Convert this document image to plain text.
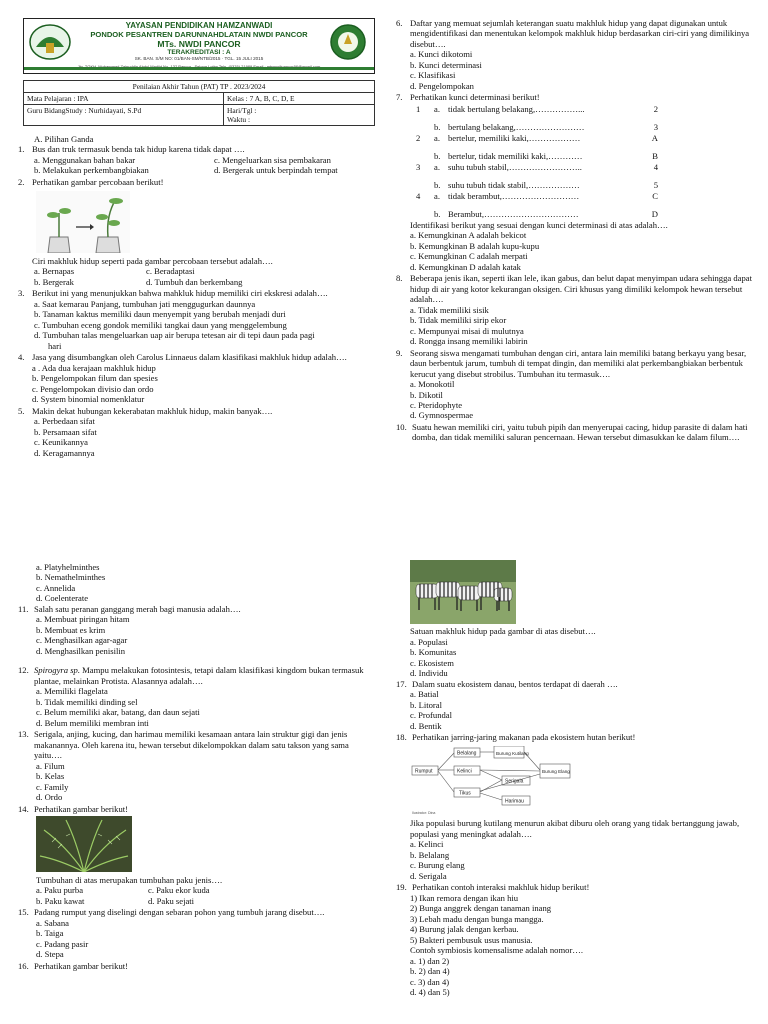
YAYASAN PENDIDIKAN HAMZANWADI
PONDOK PESANTREN DARUNNAHDLATAIN NWDI PANCOR
MTs. NWDI PANCOR
TERAKREDITASI : A
SK. BAN. S/M NO: 01/BAN-SM/NTB/2015 · TGL. 15 JULI 2015
Penilaian Akhir Tahun (PAT) TP . 2023/2024	
Mata Pelajaran : IPA	Kelas : 7 A, B, C, D, E
Guru BidangStudy : Nurhidayati, S.Pd	Hari/Tgl :
Waktu :
A. Pilihan Ganda
1. Bus dan truk termasuk benda tak hidup karena tidak dapat ….
a. Menggunakan bahan bakar	c. Mengeluarkan sisa pembakaran
b. Melakukan perkembangbiakan	d. Bergerak untuk berpindah tempat
2. Perhatikan gambar percobaan berikut!
Ciri makhluk hidup seperti pada gambar percobaan tersebut adalah….
a. Bernapas	c. Beradaptasi
b. Bergerak	d. Tumbuh dan berkembang
3. Berikut ini yang menunjukkan bahwa mahkluk hidup memiliki ciri ekskresi adalah….
a. Saat kemarau Panjang, tumbuhan jati menggugurkan daunnya
b. Tanaman kaktus memiliki daun menyempit yang berubah menjadi duri
c. Tumbuhan eceng gondok memiliki tangkai daun yang menggelembung
d. Tumbuhan talas mengeluarkan uap air berupa tetesan air di tepi daun pada pagi
hari
4. Jasa yang disumbangkan oleh Carolus Linnaeus dalam klasifikasi makhluk hidup adalah….
a . Ada dua kerajaan makhluk hidup
b. Pengelompokan filum dan spesies
c. Pengelompokan divisio dan ordo
d. System binomial nomenklatur
5. Makin dekat hubungan kekerabatan makhluk hidup, makin banyak….
a. Perbedaan sifat
b. Persamaan sifat
c. Keunikannya
d. Keragamannya
6. Daftar yang memuat sejumlah keterangan suatu makhluk hidup yang dapat digunakan untuk mengidentifikasi dan menentukan kelompok makhluk hidup berdasarkan ciri-ciri yang dimilikinya disebut….
a. Kunci dikotomi
b. Kunci determinasi
c. Klasifikasi
d. Pengelompokan
7. Perhatikan kunci determinasi berikut!
1	a. tidak bertulang belakang,……………...	2
b. bertulang belakang,……………………	3
2	a. bertelur, memiliki kaki,………………	A
b. bertelur, tidak memiliki kaki,…………	B
3	a. suhu tubuh stabil,……………………..	4
b. suhu tubuh tidak stabil,………………	5
4	a. tidak berambut,………………………	C
b. Berambut,……………………………	D
Identifikasi berikut yang sesuai dengan kunci determinasi di atas adalah….
a. Kemungkinan A adalah bekicot
b. Kemungkinan B adalah kupu-kupu
c. Kemungkinan C adalah merpati
d. Kemungkinan D adalah katak
8. Beberapa jenis ikan, seperti ikan lele, ikan gabus, dan belut dapat menyimpan udara sehingga dapat hidup di air yang kotor kekurangan oksigen. Ciri khusus yang dimiliki kelompok hewan tersebut adalah….
a. Tidak memiliki sisik
b. Tidak memiliki sirip ekor
c. Mempunyai misai di mulutnya
d. Rongga insang memiliki labirin
9. Seorang siswa mengamati tumbuhan dengan ciri, antara lain memiliki batang berkayu yang besar, daun berbentuk jarum, tumbuh di tempat dingin, dan memiliki alat perkembangbiakan berbentuk kerucut yang disebut strobilus. Tumbuhan itu termasuk….
a. Monokotil
b. Dikotil
c. Pteridophyte
d. Gymnospermae
10. Suatu hewan memiliki ciri, yaitu tubuh pipih dan menyerupai cacing, hidup parasite di dalam hati domba, dan tidak memiliki saluran pencernaan. Hewan tersebut dimasukkan ke dalam filum….
a. Platyhelminthes
b. Nemathelminthes
c. Annelida
d. Coelenterate
11. Salah satu peranan ganggang merah bagi manusia adalah….
a. Membuat piringan hitam
b. Membuat es krim
c. Menghasilkan agar-agar
d. Menghasilkan penisilin
12. Spirogyra sp. Mampu melakukan fotosintesis, tetapi dalam klasifikasi kingdom bukan termasuk plantae, melainkan Protista. Alasannya adalah….
a. Memiliki flagelata
b. Tidak memiliki dinding sel
c. Belum memiliki akar, batang, dan daun sejati
d. Belum memiliki membran inti
13. Serigala, anjing, kucing, dan harimau memiliki kesamaan antara lain struktur gigi dan jenis makanannya. Oleh karena itu, hewan tersebut dikelompokkan dalam satu takson yang sama yaitu….
a. Filum
b. Kelas
c. Family
d. Ordo
14. Perhatikan gambar berikut!
Tumbuhan di atas merupakan tumbuhan paku jenis….
a. Paku purba	c. Paku ekor kuda
b. Paku kawat	d. Paku sejati
15. Padang rumput yang diselingi dengan sebaran pohon yang tumbuh jarang disebut….
a. Sabana
b. Taiga
c. Padang pasir
d. Stepa
16. Perhatikan gambar berikut!
Satuan makhluk hidup pada gambar di atas disebut….
a. Populasi
b. Komunitas
c. Ekosistem
d. Individu
17. Dalam suatu ekosistem danau, bentos terdapat di daerah ….
a. Batial
b. Litoral
c. Profundal
d. Bentik
18. Perhatikan jarring-jaring makanan pada ekosistem hutan berikut!
Rumput
Belalang
Kelinci
Tikus
Burung Kutilang
Burung Elang
Serigala
Harimau
Ilustrator: Dina
Jika populasi burung kutilang menurun akibat diburu oleh orang yang tidak bertanggung jawab, populasi yang meningkat adalah….
a. Kelinci
b. Belalang
c. Burung elang
d. Serigala
19. Perhatikan contoh interaksi makhluk hidup berikut!
1) Ikan remora dengan ikan hiu
2) Bunga anggrek dengan tanaman inang
3) Lebah madu dengan bunga mangga.
4) Burung jalak dengan kerbau.
5) Bakteri pembusuk usus manusia.
Contoh symbiosis komensalisme adalah nomor….
a. 1) dan 2)
b. 2) dan 4)
c. 3) dan 4)
d. 4) dan 5)
